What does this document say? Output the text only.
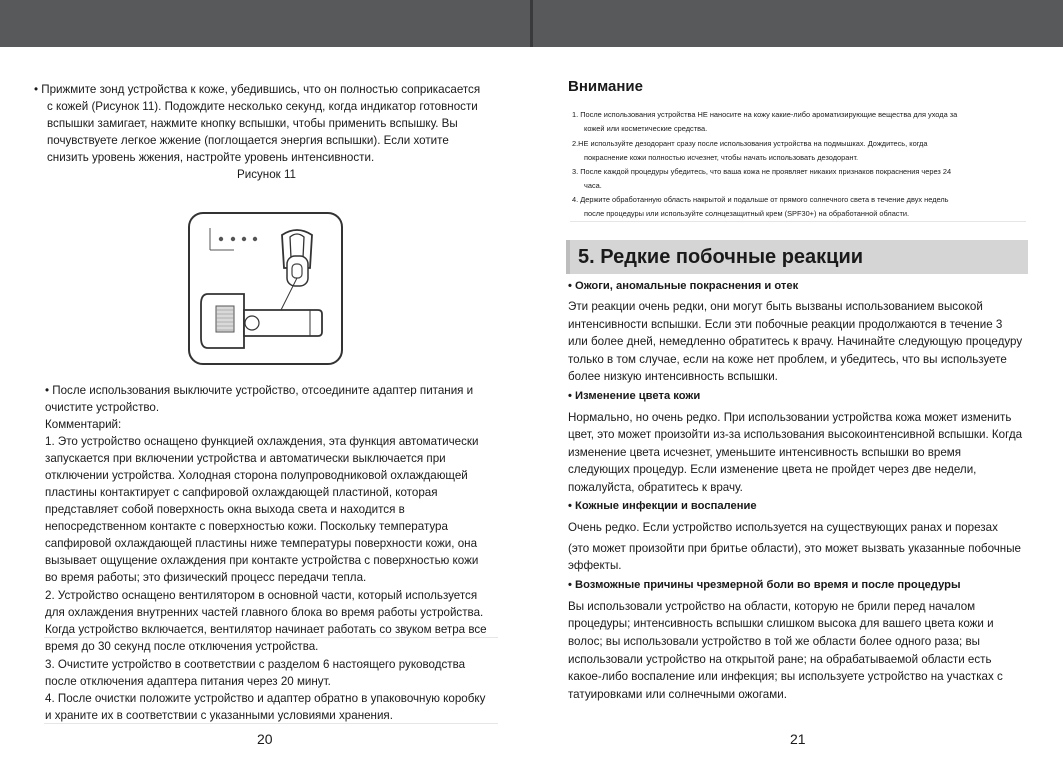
• Прижмите зонд устройства к коже, убедившись, что он полностью соприкасается
с кожей (Рисунок 11). Подождите несколько секунд, когда индикатор готовности
вспышки замигает, нажмите кнопку вспышки, чтобы применить вспышку. Вы
почувствуете легкое жжение (поглощается энергия вспышки). Если хотите
снизить уровень жжения, настройте уровень интенсивности.
Рисунок 11
• После использования выключите устройство, отсоедините адаптер питания и
очистите устройство.
Комментарий:
1. Это устройство оснащено функцией охлаждения, эта функция автоматически
запускается при включении устройства и автоматически выключается при
отключении устройства. Холодная сторона полупроводниковой охлаждающей
пластины контактирует с сапфировой охлаждающей пластиной, которая
представляет собой поверхность окна выхода света и находится в
непосредственном контакте с поверхностью кожи. Поскольку температура
сапфировой охлаждающей пластины ниже температуры поверхности кожи, она
вызывает ощущение охлаждения при контакте устройства с поверхностью кожи
во время работы; это физический процесс передачи тепла.
2. Устройство оснащено вентилятором в основной части, который используется
для охлаждения внутренних частей главного блока во время работы устройства.
Когда устройство включается, вентилятор начинает работать со звуком ветра все
время до 30 секунд после отключения устройства.
3. Очистите устройство в соответствии с разделом 6 настоящего руководства
после отключения адаптера питания через 20 минут.
4. После очистки положите устройство и адаптер обратно в упаковочную коробку
и храните их в соответствии с указанными условиями хранения.
20
Внимание
1. После использования устройства НЕ наносите на кожу какие-либо ароматизирующие вещества для ухода за
кожей или косметические средства.
2.НЕ используйте дезодорант сразу после использования устройства на подмышках. Дождитесь, когда
покраснение кожи полностью исчезнет, чтобы начать использовать дезодорант.
3. После каждой процедуры убедитесь, что ваша кожа не проявляет никаких признаков покраснения через 24
часа.
4. Держите обработанную область накрытой и подальше от прямого солнечного света в течение двух недель
после процедуры или используйте солнцезащитный крем (SPF30+) на обработанной области.
5. Редкие побочные реакции
• Ожоги, аномальные покраснения и отек
Эти реакции очень редки, они могут быть вызваны использованием высокой
интенсивности вспышки. Если эти побочные реакции продолжаются в течение 3
или более дней, немедленно обратитесь к врачу. Начинайте следующую процедуру
только в том случае, если на коже нет проблем, и убедитесь, что вы используете
более низкую интенсивность вспышки.
• Изменение цвета кожи
Нормально, но очень редко. При использовании устройства кожа может изменить
цвет, это может произойти из-за использования высокоинтенсивной вспышки. Когда
изменение цвета исчезнет, уменьшите интенсивность вспышки во время
следующих процедур. Если изменение цвета не пройдет через две недели,
пожалуйста, обратитесь к врачу.
• Кожные инфекции и воспаление
Очень редко. Если устройство используется на существующих ранах и порезах
(это может произойти при бритье области), это может вызвать указанные побочные
эффекты.
• Возможные причины чрезмерной боли во время и после процедуры
Вы использовали устройство на области, которую не брили перед началом
процедуры; интенсивность вспышки слишком высока для вашего цвета кожи и
волос; вы использовали устройство в той же области более одного раза; вы
использовали устройство на открытой ране; на обрабатываемой области есть
какое-либо воспаление или инфекция; вы используете устройство на участках с
татуировками или солнечными ожогами.
21
